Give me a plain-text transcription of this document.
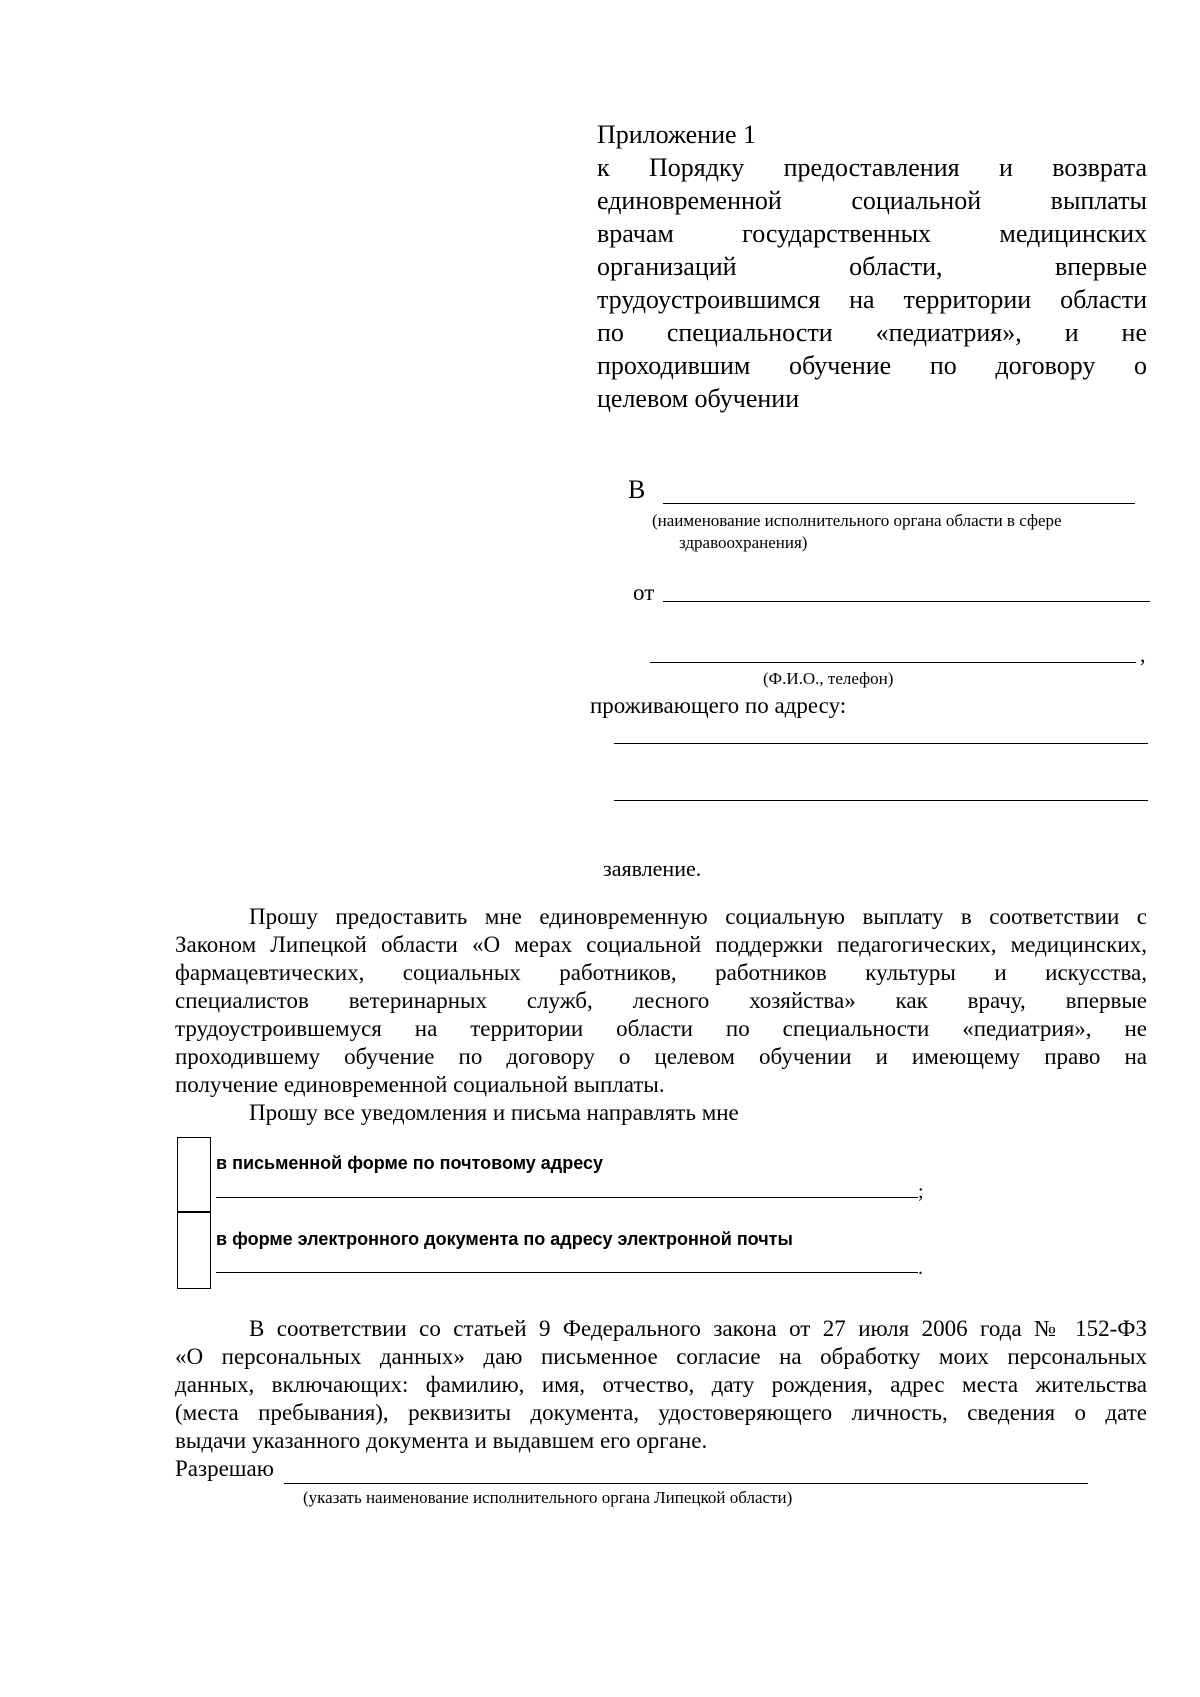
Приложение 1
к Порядку предоставления и возврата
единовременной социальной выплаты
врачам государственных медицинских
организаций области, впервые
трудоустроившимся на территории области
по специальности «педиатрия», и не
проходившим обучение по договору о
целевом обучении
В
(наименование исполнительного органа области в сфере
здравоохранения)
от
,
(Ф.И.О., телефон)
проживающего по адресу:
заявление.
Прошу предоставить мне единовременную социальную выплату в соответствии с
Законом Липецкой области «О мерах социальной поддержки педагогических, медицинских,
фармацевтических, социальных работников, работников культуры и искусства,
специалистов ветеринарных служб, лесного хозяйства» как врачу, впервые
трудоустроившемуся на территории области по специальности «педиатрия», не
проходившему обучение по договору о целевом обучении и имеющему право на
получение единовременной социальной выплаты.
Прошу все уведомления и письма направлять мне
в письменной форме по почтовому адресу
;
в форме электронного документа по адресу электронной почты
.
В соответствии со статьей 9 Федерального закона от 27 июля 2006 года № 152-ФЗ
«О персональных данных» даю письменное согласие на обработку моих персональных
данных, включающих: фамилию, имя, отчество, дату рождения, адрес места жительства
(места пребывания), реквизиты документа, удостоверяющего личность, сведения о дате
выдачи указанного документа и выдавшем его органе.
Разрешаю
(указать наименование исполнительного органа Липецкой области)
